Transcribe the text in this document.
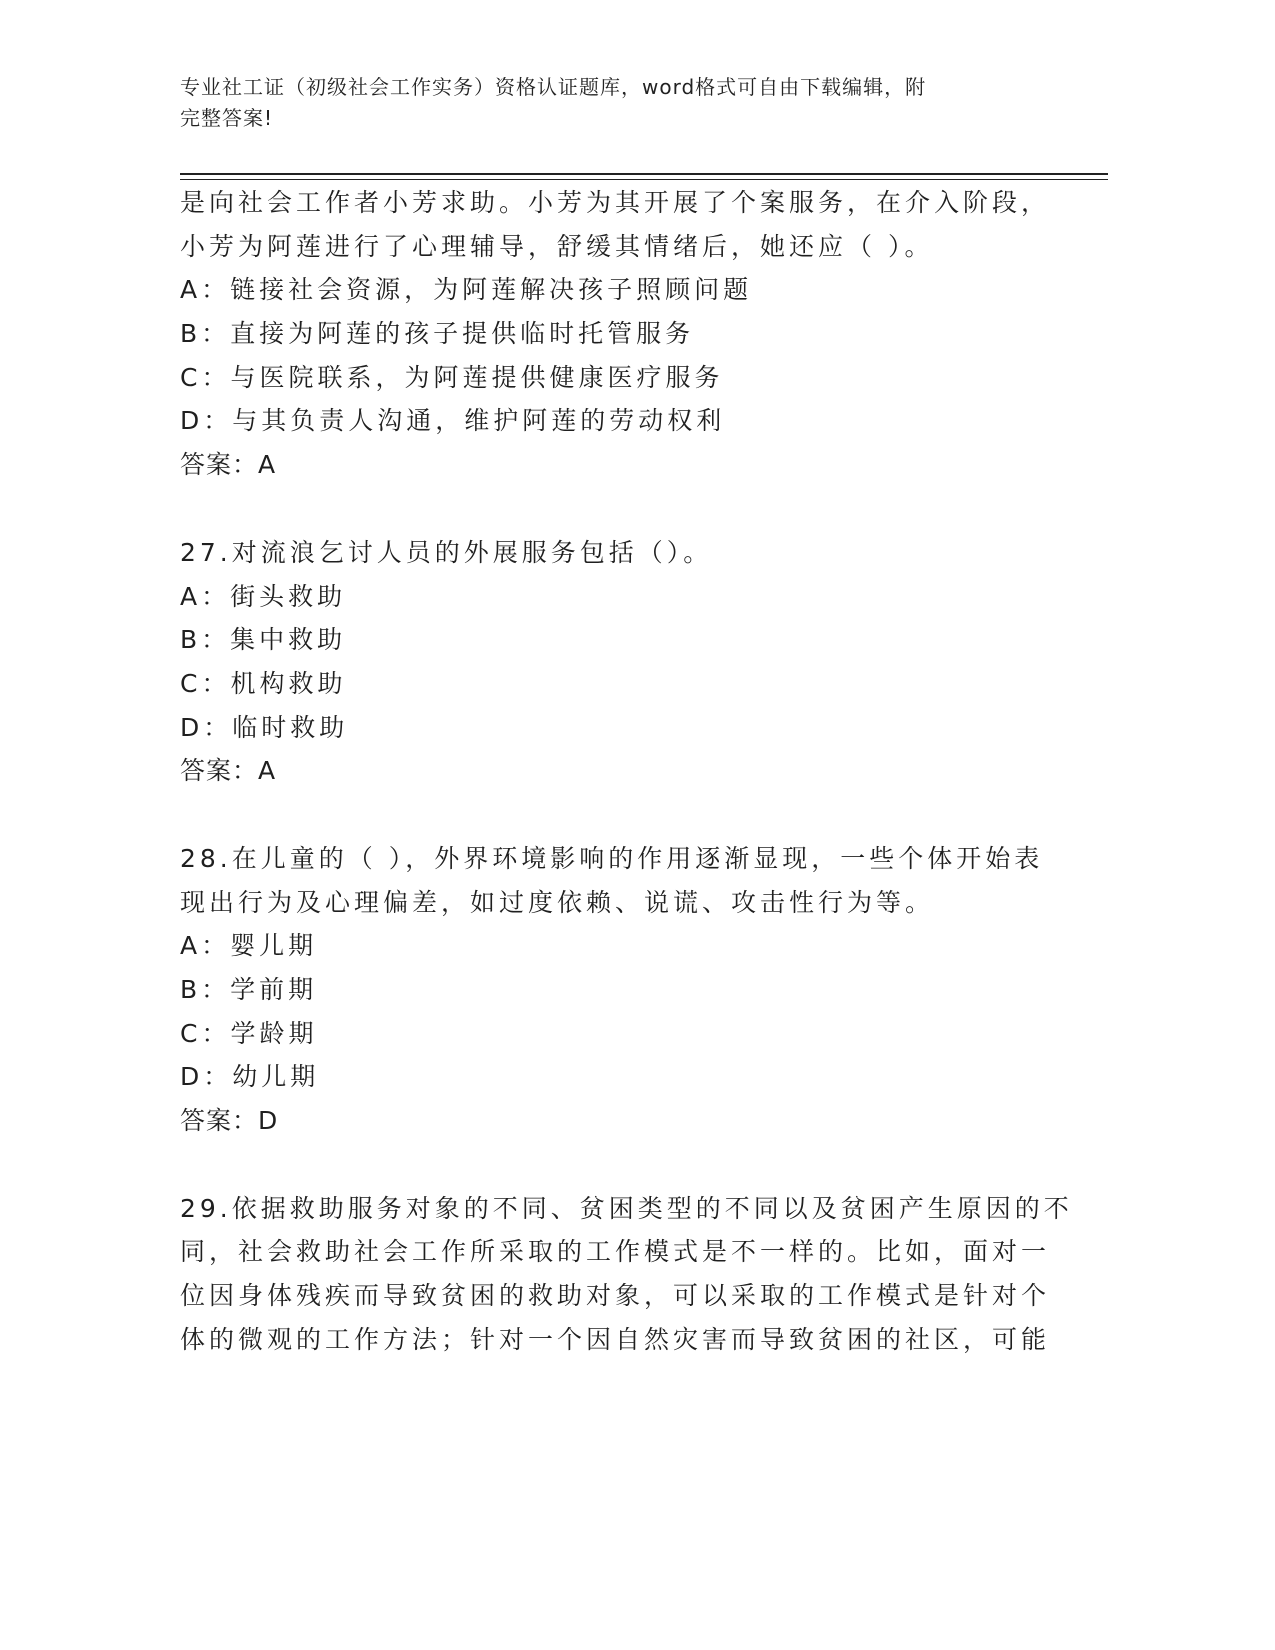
专业社工证（初级社会工作实务）资格认证题库，word格式可自由下载编辑，附
完整答案!
是向社会工作者小芳求助。小芳为其开展了个案服务，在介入阶段，
小芳为阿莲进行了心理辅导，舒缓其情绪后，她还应（ ）。
A：链接社会资源，为阿莲解决孩子照顾问题
B：直接为阿莲的孩子提供临时托管服务
C：与医院联系，为阿莲提供健康医疗服务
D：与其负责人沟通，维护阿莲的劳动权利
答案：A
27.对流浪乞讨人员的外展服务包括（）。
A：街头救助
B：集中救助
C：机构救助
D：临时救助
答案：A
28.在儿童的（ ），外界环境影响的作用逐渐显现，一些个体开始表
现出行为及心理偏差，如过度依赖、说谎、攻击性行为等。
A：婴儿期
B：学前期
C：学龄期
D：幼儿期
答案：D
29.依据救助服务对象的不同、贫困类型的不同以及贫困产生原因的不
同，社会救助社会工作所采取的工作模式是不一样的。比如，面对一
位因身体残疾而导致贫困的救助对象，可以采取的工作模式是针对个
体的微观的工作方法；针对一个因自然灾害而导致贫困的社区，可能
